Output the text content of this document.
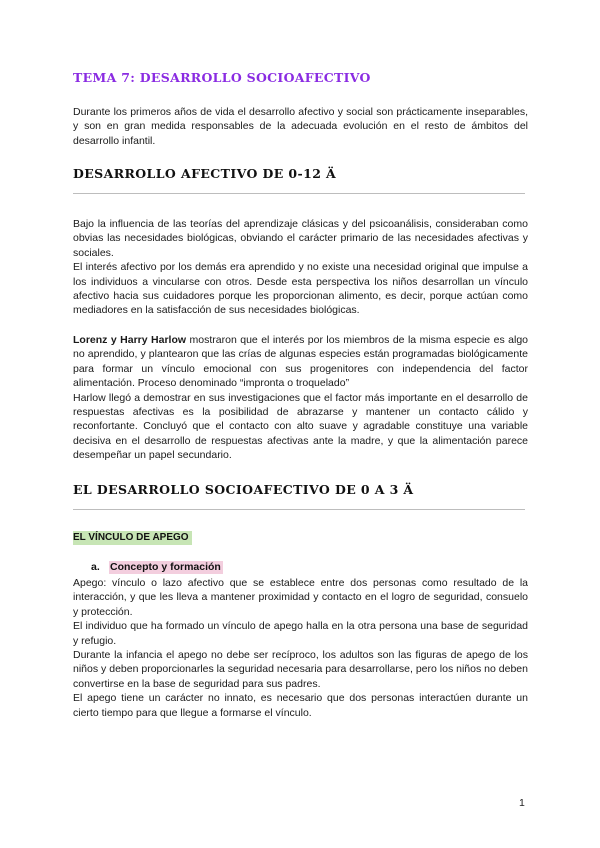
TEMA 7: DESARROLLO SOCIOAFECTIVO

Durante los primeros años de vida el desarrollo afectivo y social son prácticamente inseparables, y son en gran medida responsables de la adecuada evolución en el resto de ámbitos del desarrollo infantil.

DESARROLLO AFECTIVO DE 0-12 Ä

Bajo la influencia de las teorías del aprendizaje clásicas y del psicoanálisis, consideraban como obvias las necesidades biológicas, obviando el carácter primario de las necesidades afectivas y sociales.

El interés afectivo por los demás era aprendido y no existe una necesidad original que impulse a los individuos a vincularse con otros. Desde esta perspectiva los niños desarrollan un vínculo afectivo hacia sus cuidadores porque les proporcionan alimento, es decir, porque actúan como mediadores en la satisfacción de sus necesidades biológicas.

Lorenz y Harry Harlow mostraron que el interés por los miembros de la misma especie es algo no aprendido, y plantearon que las crías de algunas especies están programadas biológicamente para formar un vínculo emocional con sus progenitores con independencia del factor alimentación. Proceso denominado “impronta o troquelado”

Harlow llegó a demostrar en sus investigaciones que el factor más importante en el desarrollo de respuestas afectivas es la posibilidad de abrazarse y mantener un contacto cálido y reconfortante. Concluyó que el contacto con alto suave y agradable constituye una variable decisiva en el desarrollo de respuestas afectivas ante la madre, y que la alimentación parece desempeñar un papel secundario.

EL DESARROLLO SOCIOAFECTIVO DE 0 A 3 Ä
EL VÍNCULO DE APEGO
a. Concepto y formación

Apego: vínculo o lazo afectivo que se establece entre dos personas como resultado de la interacción, y que les lleva a mantener proximidad y contacto en el logro de seguridad, consuelo y protección.

El individuo que ha formado un vínculo de apego halla en la otra persona una base de seguridad y refugio.

Durante la infancia el apego no debe ser recíproco, los adultos son las figuras de apego de los niños y deben proporcionarles la seguridad necesaria para desarrollarse, pero los niños no deben convertirse en la base de seguridad para sus padres.

El apego tiene un carácter no innato, es necesario que dos personas interactúen durante un cierto tiempo para que llegue a formarse el vínculo.

1
